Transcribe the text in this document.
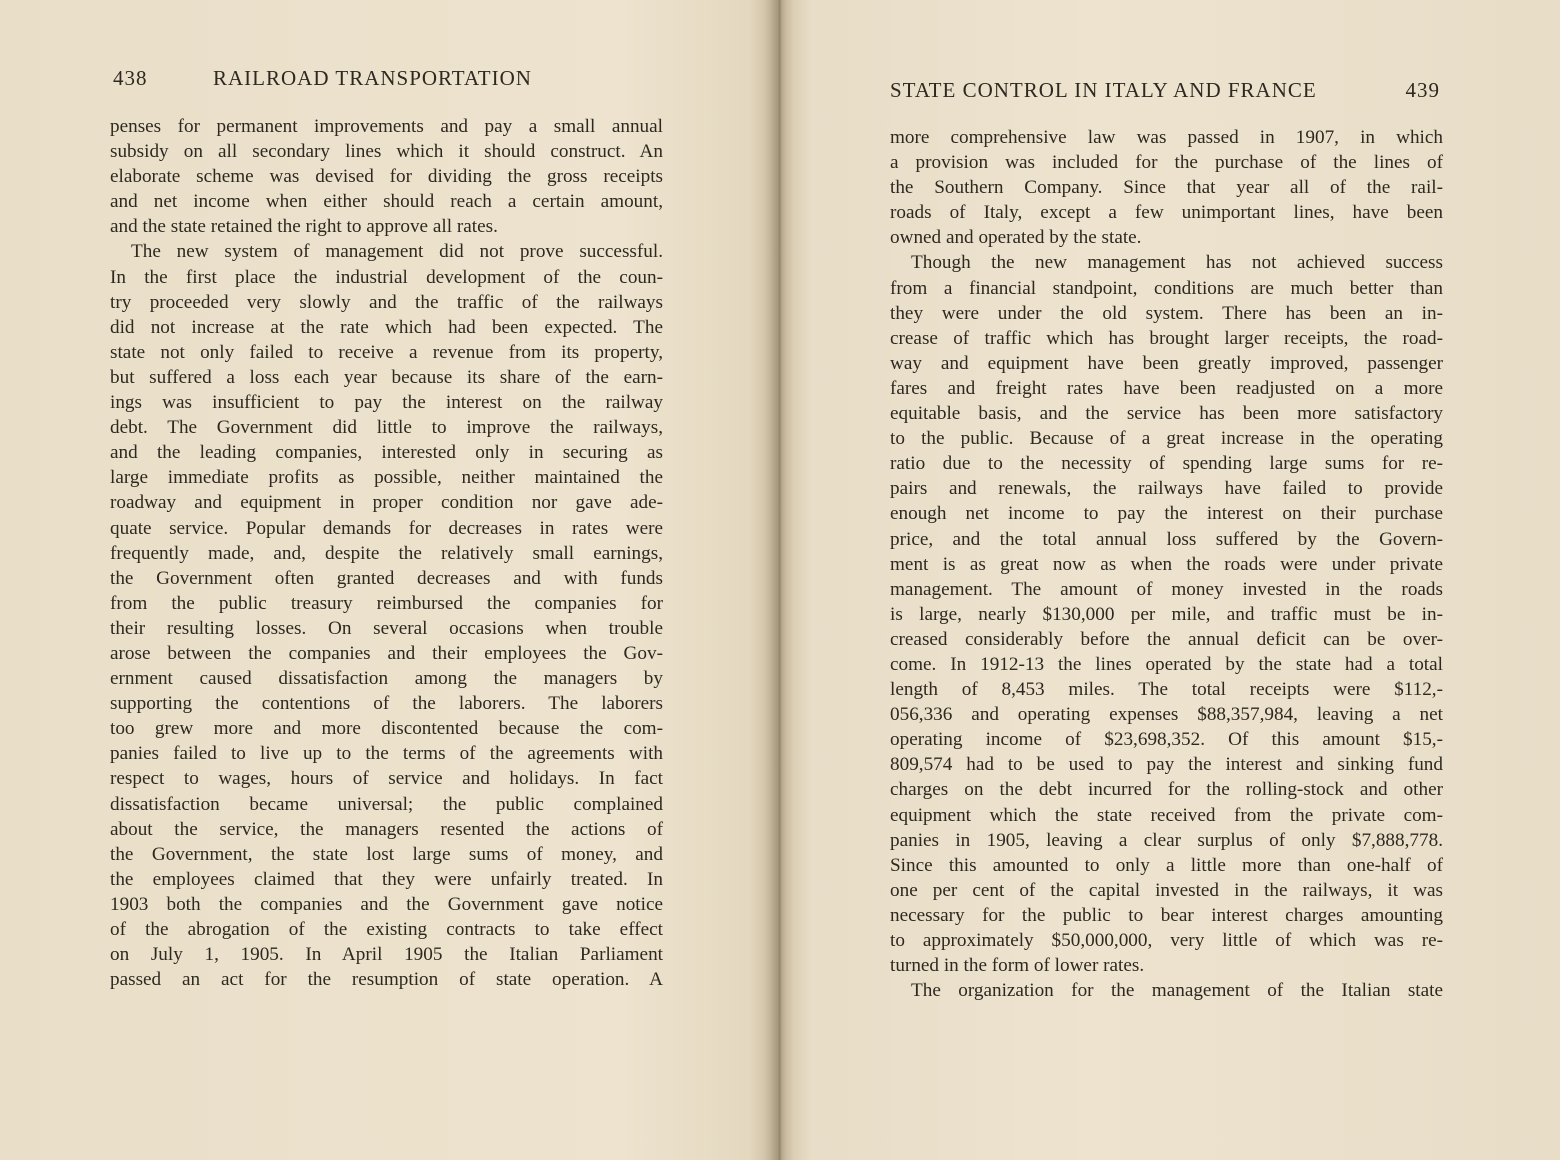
438	RAILROAD TRANSPORTATION

penses for permanent improvements and pay a small annual

subsidy on all secondary lines which it should construct. An

elaborate scheme was devised for dividing the gross receipts

and net income when either should reach a certain amount,

and the state retained the right to approve all rates.

The new system of management did not prove successful.

In the first place the industrial development of the coun-

try proceeded very slowly and the traffic of the railways

did not increase at the rate which had been expected. The

state not only failed to receive a revenue from its property,

but suffered a loss each year because its share of the earn-

ings was insufficient to pay the interest on the railway

debt. The Government did little to improve the railways,

and the leading companies, interested only in securing as

large immediate profits as possible, neither maintained the

roadway and equipment in proper condition nor gave ade-

quate service. Popular demands for decreases in rates were

frequently made, and, despite the relatively small earnings,

the Government often granted decreases and with funds

from the public treasury reimbursed the companies for

their resulting losses. On several occasions when trouble

arose between the companies and their employees the Gov-

ernment caused dissatisfaction among the managers by

supporting the contentions of the laborers. The laborers

too grew more and more discontented because the com-

panies failed to live up to the terms of the agreements with

respect to wages, hours of service and holidays. In fact

dissatisfaction became universal; the public complained

about the service, the managers resented the actions of

the Government, the state lost large sums of money, and

the employees claimed that they were unfairly treated. In

1903 both the companies and the Government gave notice

of the abrogation of the existing contracts to take effect

on July 1, 1905. In April 1905 the Italian Parliament

passed an act for the resumption of state operation. A

STATE CONTROL IN ITALY AND FRANCE	439

more comprehensive law was passed in 1907, in which

a provision was included for the purchase of the lines of

the Southern Company. Since that year all of the rail-

roads of Italy, except a few unimportant lines, have been

owned and operated by the state.

Though the new management has not achieved success

from a financial standpoint, conditions are much better than

they were under the old system. There has been an in-

crease of traffic which has brought larger receipts, the road-

way and equipment have been greatly improved, passenger

fares and freight rates have been readjusted on a more

equitable basis, and the service has been more satisfactory

to the public. Because of a great increase in the operating

ratio due to the necessity of spending large sums for re-

pairs and renewals, the railways have failed to provide

enough net income to pay the interest on their purchase

price, and the total annual loss suffered by the Govern-

ment is as great now as when the roads were under private

management. The amount of money invested in the roads

is large, nearly $130,000 per mile, and traffic must be in-

creased considerably before the annual deficit can be over-

come. In 1912-13 the lines operated by the state had a total

length of 8,453 miles. The total receipts were $112,-

056,336 and operating expenses $88,357,984, leaving a net

operating income of $23,698,352. Of this amount $15,-

809,574 had to be used to pay the interest and sinking fund

charges on the debt incurred for the rolling-stock and other

equipment which the state received from the private com-

panies in 1905, leaving a clear surplus of only $7,888,778.

Since this amounted to only a little more than one-half of

one per cent of the capital invested in the railways, it was

necessary for the public to bear interest charges amounting

to approximately $50,000,000, very little of which was re-

turned in the form of lower rates.

The organization for the management of the Italian state
